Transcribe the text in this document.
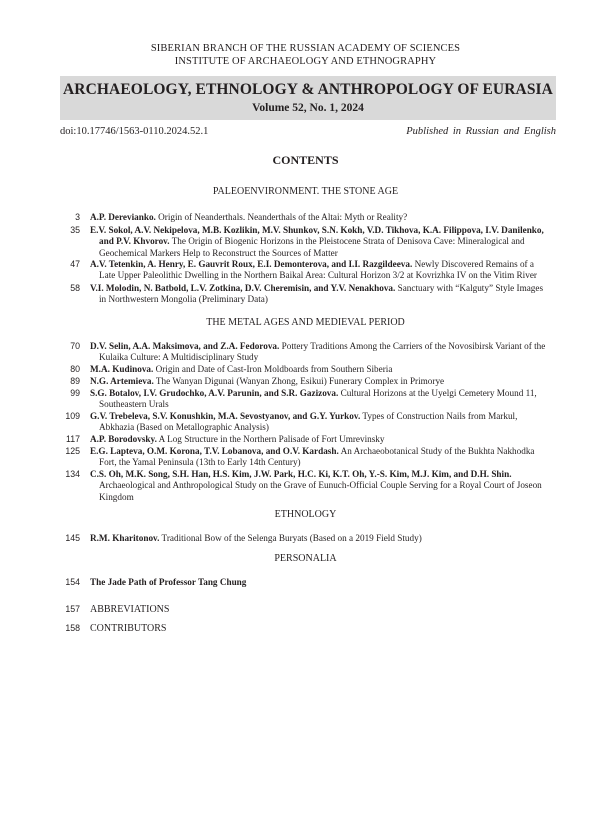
SIBERIAN BRANCH OF THE RUSSIAN ACADEMY OF SCIENCES
INSTITUTE OF ARCHAEOLOGY AND ETHNOGRAPHY
ARCHAEOLOGY, ETHNOLOGY & ANTHROPOLOGY OF EURASIA
Volume 52, No. 1, 2024
doi:10.17746/1563-0110.2024.52.1	Published in Russian and English
CONTENTS
PALEOENVIRONMENT. THE STONE AGE
3 A.P. Derevianko. Origin of Neanderthals. Neanderthals of the Altai: Myth or Reality?
35 E.V. Sokol, A.V. Nekipelova, M.B. Kozlikin, M.V. Shunkov, S.N. Kokh, V.D. Tikhova, K.A. Filippova, I.V. Danilenko,
and P.V. Khvorov. The Origin of Biogenic Horizons in the Pleistocene Strata of Denisova Cave: Mineralogical and
Geochemical Markers Help to Reconstruct the Sources of Matter
47 A.V. Tetenkin, A. Henry, E. Gauvrit Roux, E.I. Demonterova, and I.I. Razgildeeva. Newly Discovered Remains of a
Late Upper Paleolithic Dwelling in the Northern Baikal Area: Cultural Horizon 3/2 at Kovrizhka IV on the Vitim River
58 V.I. Molodin, N. Batbold, L.V. Zotkina, D.V. Cheremisin, and Y.V. Nenakhova. Sanctuary with “Kalguty” Style Images
in Northwestern Mongolia (Preliminary Data)
THE METAL AGES AND MEDIEVAL PERIOD
70 D.V. Selin, A.A. Maksimova, and Z.A. Fedorova. Pottery Traditions Among the Carriers of the Novosibirsk Variant of the
Kulaika Culture: A Multidisciplinary Study
80 M.A. Kudinova. Origin and Date of Cast-Iron Moldboards from Southern Siberia
89 N.G. Artemieva. The Wanyan Digunai (Wanyan Zhong, Esikui) Funerary Complex in Primorye
99 S.G. Botalov, I.V. Grudochko, A.V. Parunin, and S.R. Gazizova. Cultural Horizons at the Uyelgi Cemetery Mound 11,
Southeastern Urals
109 G.V. Trebeleva, S.V. Konushkin, M.A. Sevostyanov, and G.Y. Yurkov. Types of Construction Nails from Markul,
Abkhazia (Based on Metallographic Analysis)
117 A.P. Borodovsky. A Log Structure in the Northern Palisade of Fort Umrevinsky
125 E.G. Lapteva, O.M. Korona, T.V. Lobanova, and O.V. Kardash. An Archaeobotanical Study of the Bukhta Nakhodka
Fort, the Yamal Peninsula (13th to Early 14th Century)
134 C.S. Oh, M.K. Song, S.H. Han, H.S. Kim, J.W. Park, H.C. Ki, K.T. Oh, Y.-S. Kim, M.J. Kim, and D.H. Shin.
Archaeological and Anthropological Study on the Grave of Eunuch-Official Couple Serving for a Royal Court of Joseon
Kingdom
ETHNOLOGY
145 R.M. Kharitonov. Traditional Bow of the Selenga Buryats (Based on a 2019 Field Study)
PERSONALIA
154 The Jade Path of Professor Tang Chung
157 ABBREVIATIONS
158 CONTRIBUTORS
